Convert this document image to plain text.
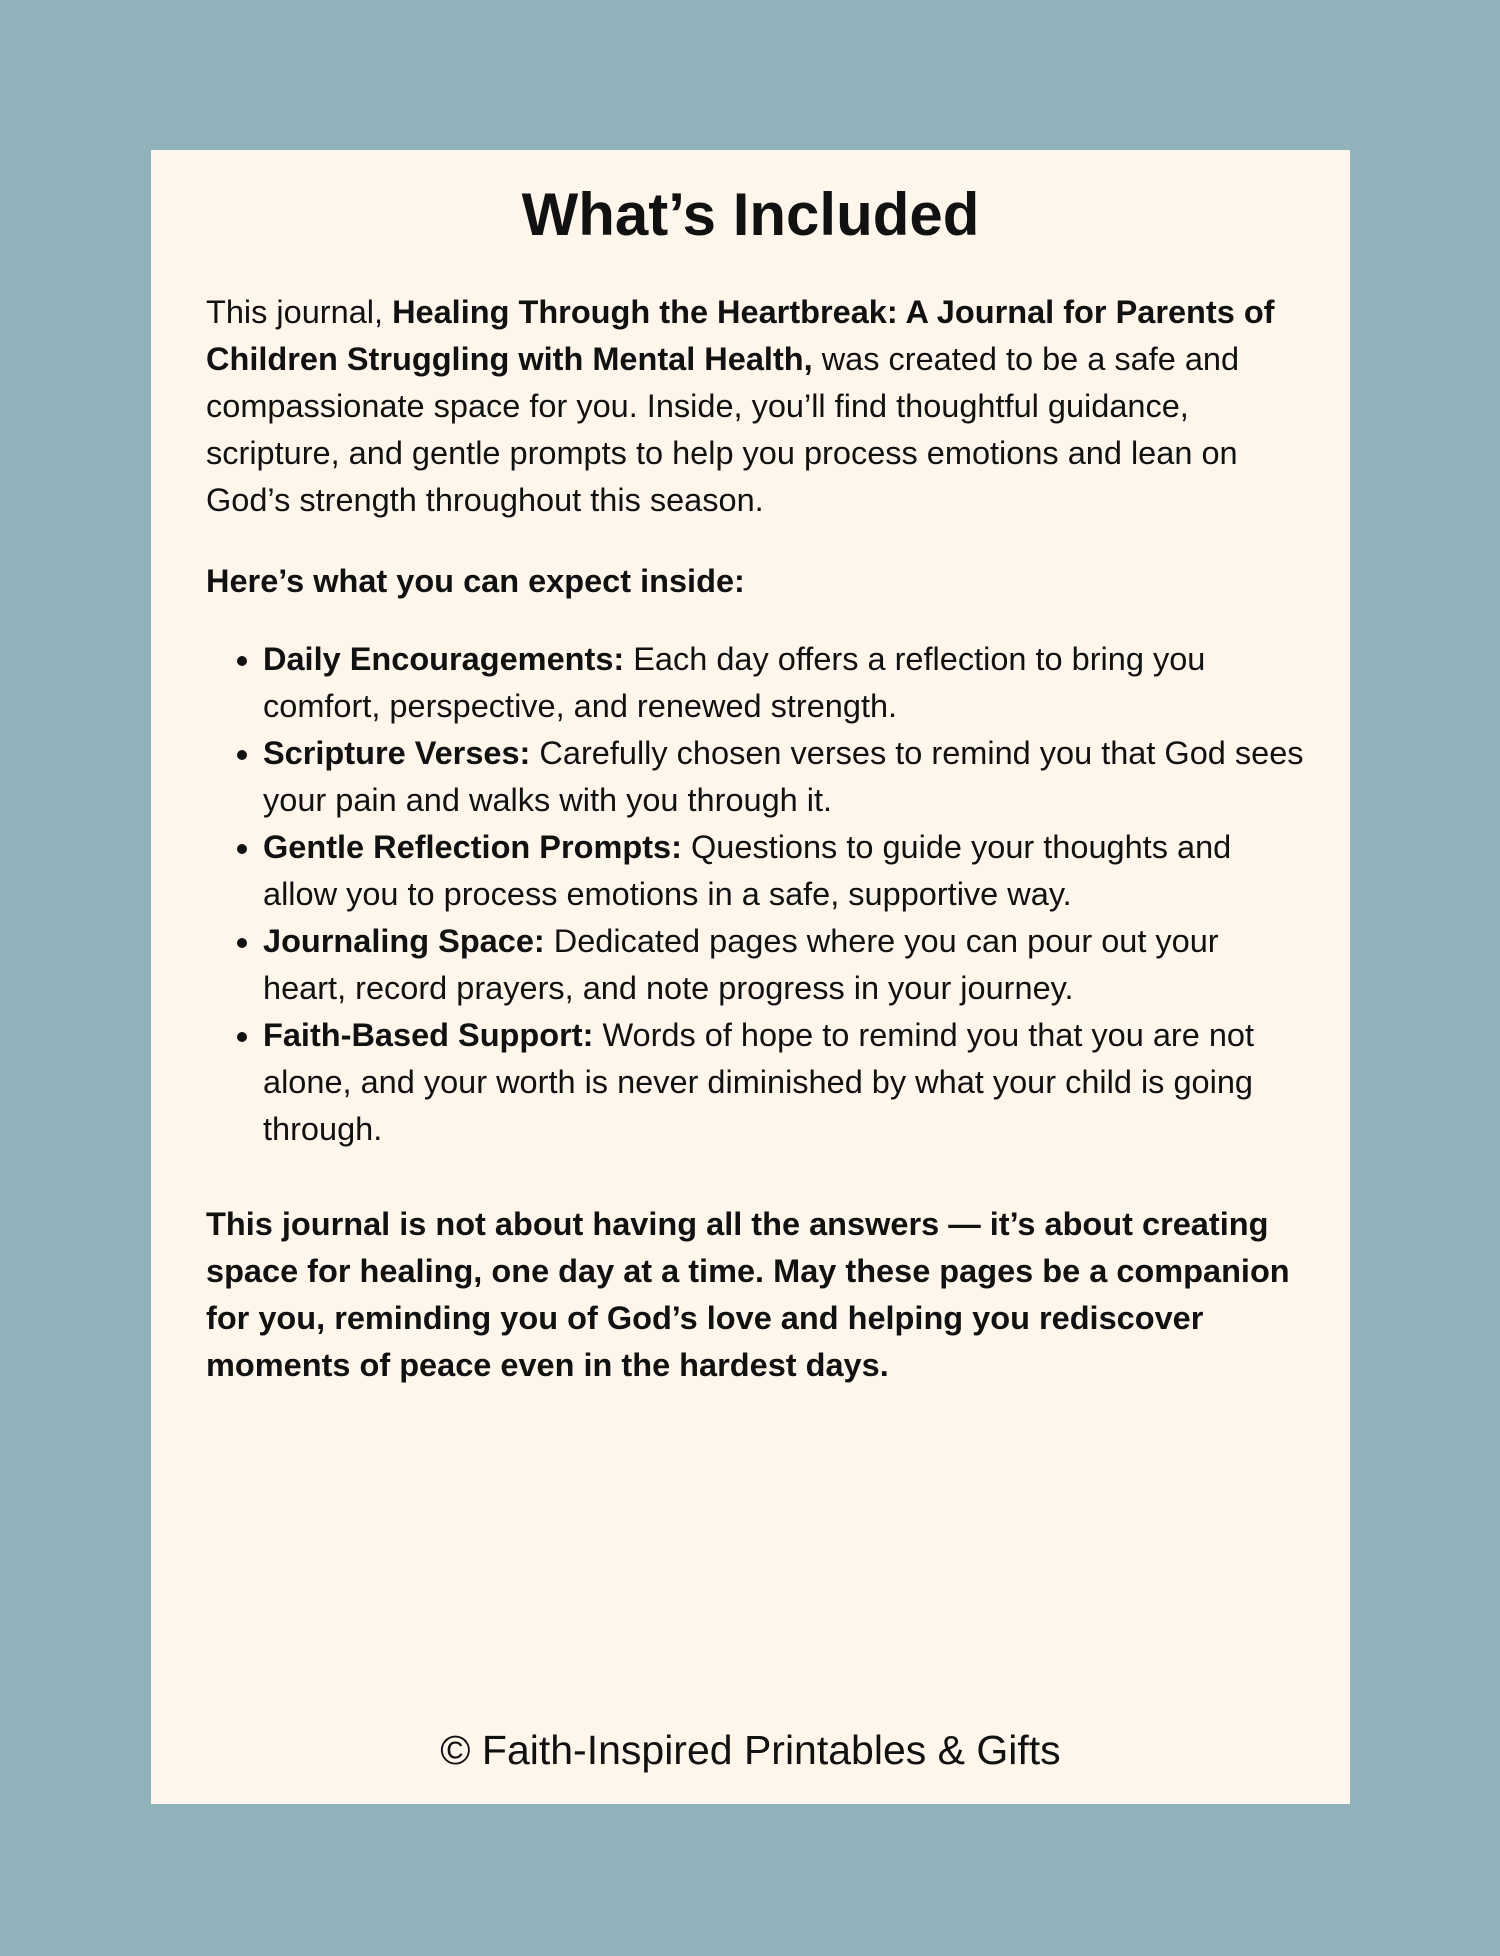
What’s Included

This journal, Healing Through the Heartbreak: A Journal for Parents of Children Struggling with Mental Health, was created to be a safe and compassionate space for you. Inside, you’ll find thoughtful guidance, scripture, and gentle prompts to help you process emotions and lean on God’s strength throughout this season.

Here’s what you can expect inside:

• Daily Encouragements: Each day offers a reflection to bring you comfort, perspective, and renewed strength.
• Scripture Verses: Carefully chosen verses to remind you that God sees your pain and walks with you through it.
• Gentle Reflection Prompts: Questions to guide your thoughts and allow you to process emotions in a safe, supportive way.
• Journaling Space: Dedicated pages where you can pour out your heart, record prayers, and note progress in your journey.
• Faith-Based Support: Words of hope to remind you that you are not alone, and your worth is never diminished by what your child is going through.

This journal is not about having all the answers — it’s about creating space for healing, one day at a time. May these pages be a companion for you, reminding you of God’s love and helping you rediscover moments of peace even in the hardest days.

© Faith-Inspired Printables & Gifts
